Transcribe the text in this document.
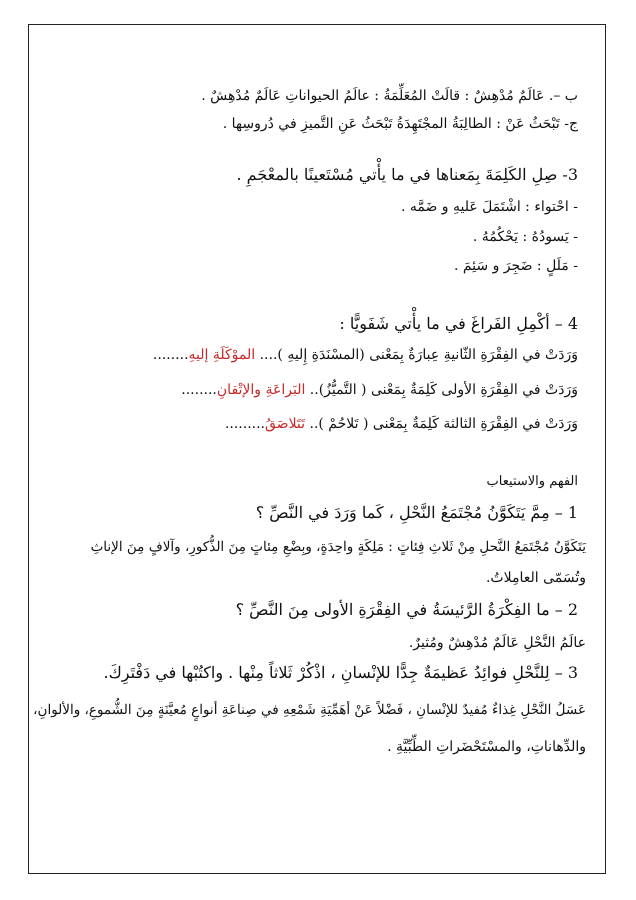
ب –. عَالَمٌ مُدْهِشٌ : قالَتْ المُعَلِّمَةُ : عالَمُ الحيواناتِ عَالَمٌ مُدْهِشٌ .
ج- تَبْحَثُ عَنْ : الطالِبَةُ المجْتَهِدَةُ تَبْحَثُ عَنِ التَّميزِ في دُروسِها .
3- صِلِ الكَلِمَةَ بِمَعناها في ما يأْتي مُسْتَعينًا بالمعْجَمِ .
- احْتواء : اشْتَمَلَ عَليهِ و ضَمَّه .
- يَسودُهُ : يَحْكُمُهُ .
- مَلَلٍ : ضَجِرَ و سَئِمَ .
4 – أكْمِلِ الفَراغَ في ما يأْتي شَفَويًّا :
وَرَدَتْ في الفِقْرَةِ الثّانيةِ عِبارَةٌ بِمَعْنى (المسْنَدَةِ إِليهِ ).... الموْكَلَةِ إليهِ........
وَرَدَتْ في الفِقْرَةِ الأولى كَلِمَةٌ بِمَعْنى ( التَّميُّزُ).. البَراعَةِ والإتْقانِ........
وَرَدَتْ في الفِقْرَةِ الثالثة كَلِمَةٌ بِمَعْنى ( تَلاحُمْ ).. تَتَلاصَقُ.........
الفهم والاستيعاب
1 – مِمَّ يَتَكَوَّنُ مُجْتَمَعُ النَّحْلِ ، كَما وَرَدَ في النَّصِّ ؟
يَتَكَوَّنُ مُجْتَمَعُ النَّحلِ مِنْ ثَلاثِ فِئاتٍ : مَلِكَةٍ واحِدَةٍ، وبِضْعِ مِئاتٍ مِنَ الذُّكورِ، وآلافٍ مِنَ الإناثِ
وتُسَمّى العامِلاتُ.
2 – ما الفِكْرَةُ الرَّئيسَةُ في الفِقْرَةِ الأولى مِنَ النَّصِّ ؟
عالَمُ النَّحْلِ عَالَمٌ مُدْهِشٌ ومُثيرٌ.
3 – لِلنَّحْلِ فوائِدُ عَظيمَةٌ جِدًّا للإنْسانِ ، اذْكُرْ ثَلاثاً مِنْها . واكتُبْها في دَفْتَرِكَ.
عَسَلُ النَّحْلِ غِذاءٌ مُفيدٌ للإنْسانِ ، فَضْلاً عَنْ أهَمِّيَةِ شَمْعِهِ في صِناعَةِ أنواعٍ مُعيَّنَةٍ مِنَ الشُّموعِ، والألوانِ،
والدِّهاناتِ، والمسْتَحْضَراتِ الطِّبِّيَّةِ .
